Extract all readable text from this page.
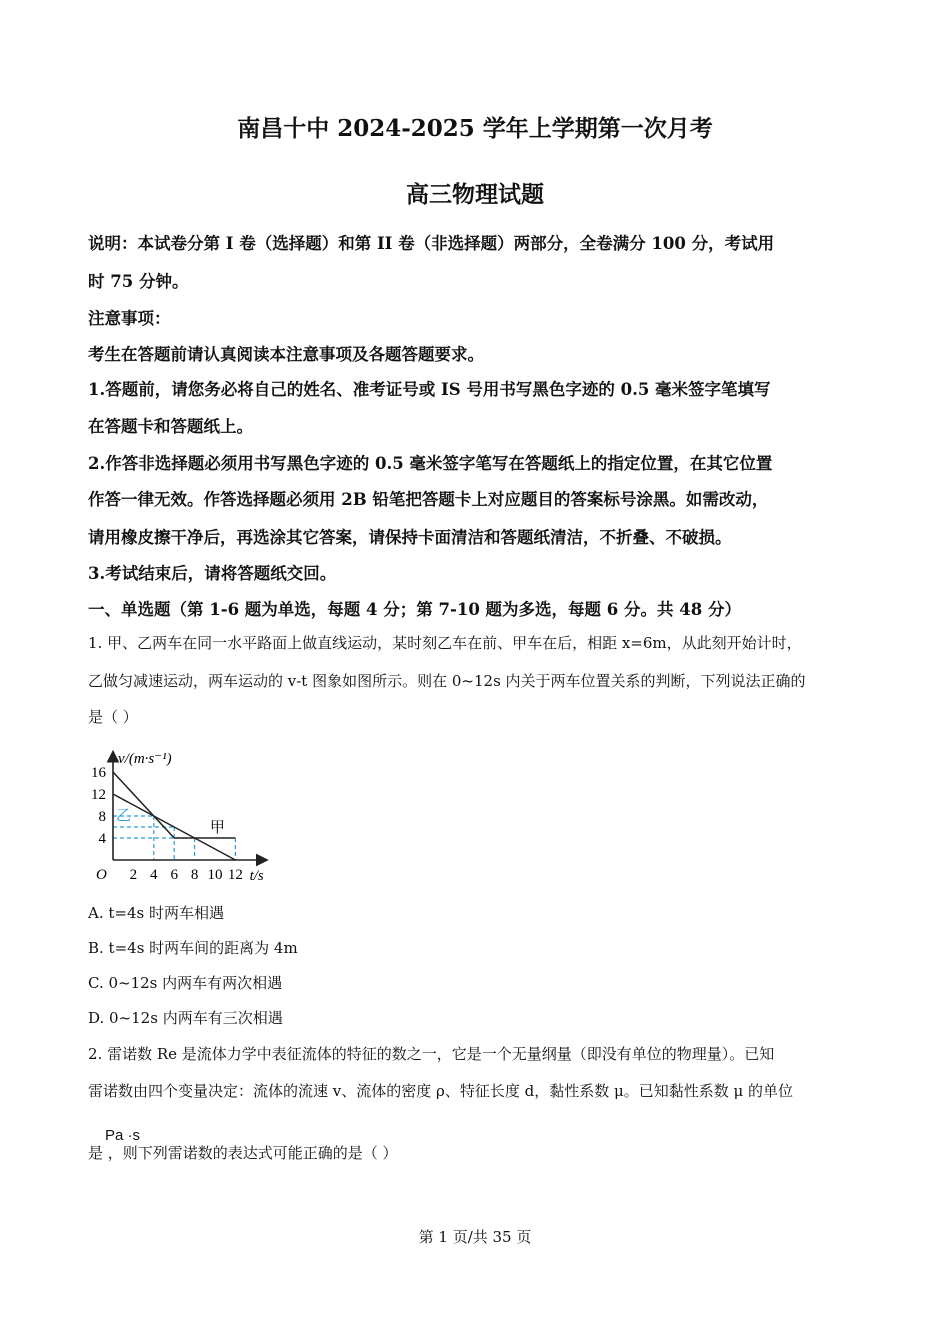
南昌十中 2024-2025 学年上学期第一次月考
高三物理试题
说明：本试卷分第 I 卷（选择题）和第 II 卷（非选择题）两部分，全卷满分 100 分，考试用
时 75 分钟。
注意事项：
考生在答题前请认真阅读本注意事项及各题答题要求。
1.答题前，请您务必将自己的姓名、准考证号或 IS 号用书写黑色字迹的 0.5 毫米签字笔填写
在答题卡和答题纸上。
2.作答非选择题必须用书写黑色字迹的 0.5 毫米签字笔写在答题纸上的指定位置，在其它位置
作答一律无效。作答选择题必须用 2B 铅笔把答题卡上对应题目的答案标号涂黑。如需改动，
请用橡皮擦干净后，再选涂其它答案，请保持卡面清洁和答题纸清洁，不折叠、不破损。
3.考试结束后，请将答题纸交回。
一、单选题（第 1-6 题为单选，每题 4 分；第 7-10 题为多选，每题 6 分。共 48 分）
1. 甲、乙两车在同一水平路面上做直线运动，某时刻乙车在前、甲车在后，相距 x=6m，从此刻开始计时，
乙做匀减速运动，两车运动的 v-t 图象如图所示。则在 0~12s 内关于两车位置关系的判断，下列说法正确的
是（ ）
2 4 6 8 10 12
4
8
12
16
v/(m·s⁻¹)
t/s
O
甲
乙
A. t=4s 时两车相遇
B. t=4s 时两车间的距离为 4m
C. 0~12s 内两车有两次相遇
D. 0~12s 内两车有三次相遇
2. 雷诺数 Re 是流体力学中表征流体的特征的数之一，它是一个无量纲量（即没有单位的物理量）。已知
雷诺数由四个变量决定：流体的流速 v、流体的密度 ρ、特征长度 d，黏性系数 μ。已知黏性系数 μ 的单位
Pa ·s
是 ，则下列雷诺数的表达式可能正确的是（ ）
第 1 页/共 35 页
